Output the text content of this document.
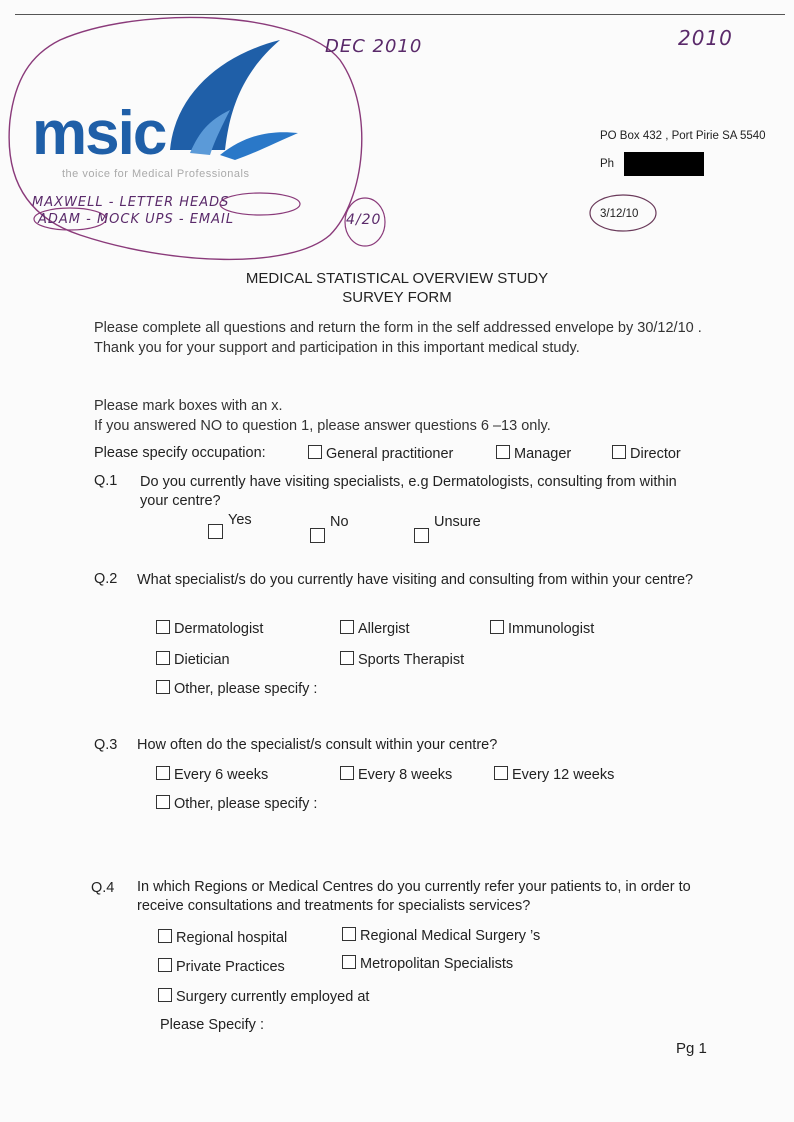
msic
the voice for Medical Professionals
DEC 2010	2010
MAXWELL - LETTER HEADS
ADAM - MOCK UPS - EMAIL	4/20
PO Box 432 , Port Pirie SA 5540
Ph
3/12/10
MEDICAL STATISTICAL OVERVIEW STUDY
SURVEY FORM
Please complete all questions and return the form in the self addressed envelope by 30/12/10 . Thank you for your support and participation in this important medical study.
Please mark boxes with an x.
If you answered NO to question 1, please answer questions 6 –13 only.
Please specify occupation:	General practitioner	Manager	Director
Q.1 Do you currently have visiting specialists, e.g Dermatologists, consulting from within your centre?
Yes	No	Unsure
Q.2 What specialist/s do you currently have visiting and consulting from within your centre?
Dermatologist	Allergist	Immunologist
Dietician	Sports Therapist
Other, please specify :
Q.3 How often do the specialist/s consult within your centre?
Every 6 weeks	Every 8 weeks	Every 12 weeks
Other, please specify :
Q.4 In which Regions or Medical Centres do you currently refer your patients to, in order to receive consultations and treatments for specialists services?
Regional hospital	Regional Medical Surgery ’s
Private Practices	Metropolitan Specialists
Surgery currently employed at
Please Specify :
Pg 1
